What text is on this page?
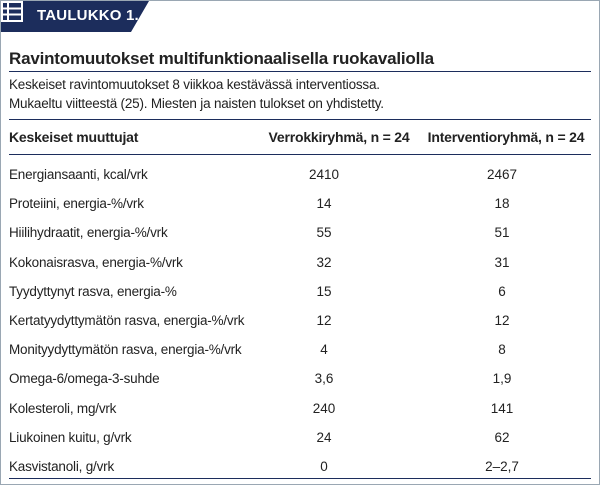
TAULUKKO 1.
Ravintomuutokset multifunktionaalisella ruokavaliolla
Keskeiset ravintomuutokset 8 viikkoa kestävässä interventiossa.
Mukaeltu viitteestä (25). Miesten ja naisten tulokset on yhdistetty.
Keskeiset muuttujat	Verrokkiryhmä, n = 24	Interventioryhmä, n = 24
Energiansaanti, kcal/vrk	2410	2467
Proteiini, energia-%/vrk	14	18
Hiilihydraatit, energia-%/vrk	55	51
Kokonaisrasva, energia-%/vrk	32	31
Tyydyttynyt rasva, energia-%	15	6
Kertatyydyttymätön rasva, energia-%/vrk	12	12
Monityydyttymätön rasva, energia-%/vrk	4	8
Omega-6/omega-3-suhde	3,6	1,9
Kolesteroli, mg/vrk	240	141
Liukoinen kuitu, g/vrk	24	62
Kasvistanoli, g/vrk	0	2–2,7
